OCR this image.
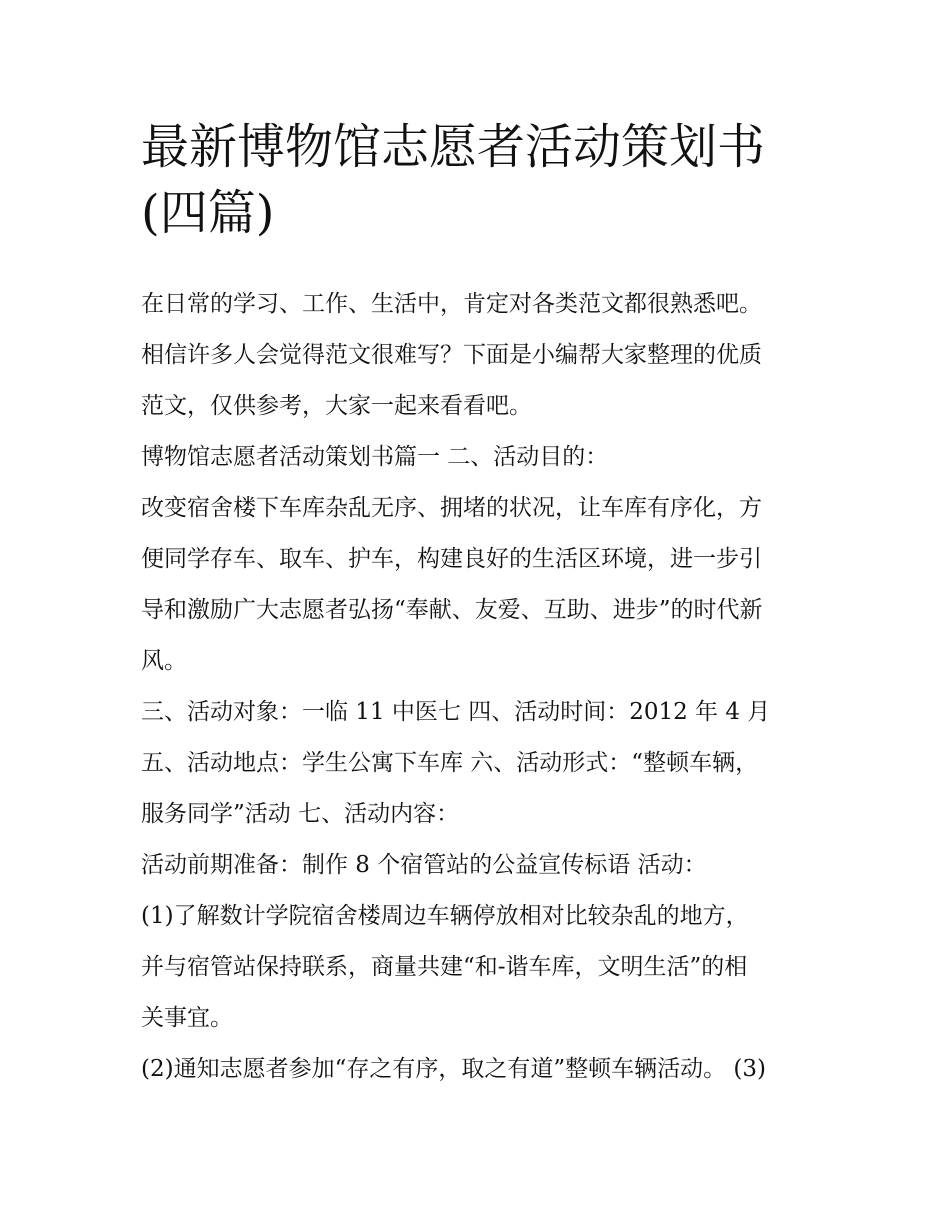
最新博物馆志愿者活动策划书
(四篇)
在日常的学习、工作、生活中，肯定对各类范文都很熟悉吧。
相信许多人会觉得范文很难写？下面是小编帮大家整理的优质
范文，仅供参考，大家一起来看看吧。
博物馆志愿者活动策划书篇一 二、活动目的：
改变宿舍楼下车库杂乱无序、拥堵的状况，让车库有序化，方
便同学存车、取车、护车，构建良好的生活区环境，进一步引
导和激励广大志愿者弘扬“奉献、友爱、互助、进步”的时代新
风。
三、活动对象：一临 11 中医七 四、活动时间：2012 年 4 月
五、活动地点：学生公寓下车库 六、活动形式：“整顿车辆，
服务同学”活动 七、活动内容：
活动前期准备：制作 8 个宿管站的公益宣传标语 活动：
(1)了解数计学院宿舍楼周边车辆停放相对比较杂乱的地方，
并与宿管站保持联系，商量共建“和-谐车库，文明生活”的相
关事宜。
(2)通知志愿者参加“存之有序，取之有道”整顿车辆活动。 (3)
